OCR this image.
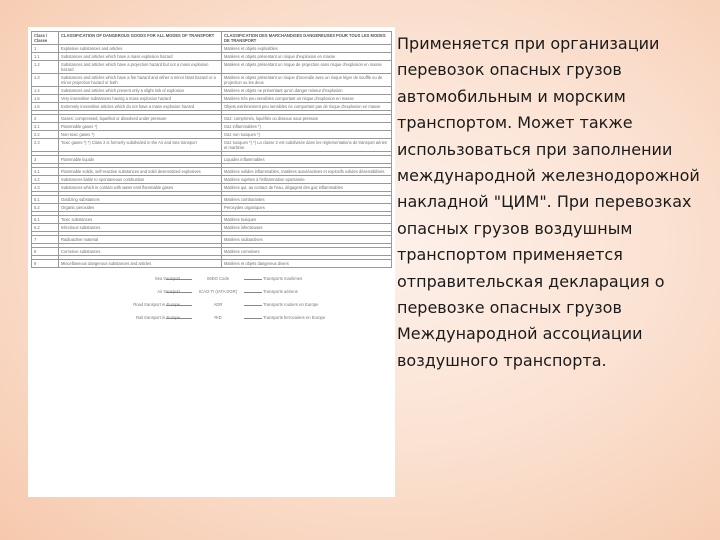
Class / Classe	CLASSIFICATION OF DANGEROUS GOODS FOR ALL MODES OF TRANSPORT	CLASSIFICATION DES MARCHANDISES DANGEREUSES POUR TOUS LES MODES DE TRANSPORT
1	Explosive substances and articles	Matières et objets explosibles
1.1	Substances and articles which have a mass explosion hazard	Matières et objets présentant un risque d'explosion en masse
1.2	Substances and articles which have a projection hazard but not a mass explosion hazard	Matières et objets présentant un risque de projection sans risque d'explosion en masse
1.3	Substances and articles which have a fire hazard and either a minor blast hazard or a minor projection hazard or both	Matières et objets présentant un risque d'incendie avec un risque léger de souffle ou de projection ou les deux
1.4	Substances and articles which present only a slight risk of explosion	Matières et objets ne présentant qu'un danger mineur d'explosion
1.5	Very insensitive substances having a mass explosion hazard	Matières très peu sensibles comportant un risque d'explosion en masse
1.6	Extremely insensitive articles which do not have a mass explosion hazard	Objets extrêmement peu sensibles ne comportant pas de risque d'explosion en masse

2	Gases: compressed, liquefied or dissolved under pressure	Gaz: comprimés, liquéfiés ou dissous sous pression
2.1	Flammable gases *)	Gaz inflammables *)
2.2	Non-toxic gases *)	Gaz non toxiques *)
2.3	Toxic gases *) *) Class 2 is formerly subdivided in the Air and Sea transport	Gaz toxiques *) *) La classe 2 est subdivisée dans les réglementations de transport aérien et maritime

3	Flammable liquids	Liquides inflammables

4.1	Flammable solids, self-reactive substances and solid desensitized explosives	Matières solides inflammables, matières autoréactives et explosifs solides désensibilisés
4.2	Substances liable to spontaneous combustion	Matières sujettes à l'inflammation spontanée
4.3	Substances which in contact with water emit flammable gases	Matières qui, au contact de l'eau, dégagent des gaz inflammables

5.1	Oxidizing substances	Matières comburantes
5.2	Organic peroxides	Peroxydes organiques

6.1	Toxic substances	Matières toxiques
6.2	Infectious substances	Matières infectieuses

7	Radioactive material	Matières radioactives

8	Corrosive substances	Matières corrosives

9	Miscellaneous dangerous substances and articles	Matières et objets dangereux divers
Sea transport	IMDG Code	Transports maritimes
Air transport	ICAO-TI (IATA DGR)	Transports aériens
Road transport in Europe	ADR	Transports routiers en Europe
Rail transport in Europe	RID	Transports ferroviaires en Europe

Применяется при организации перевозок опасных грузов автомобильным и морским транспортом. Может также использоваться при заполнении международной железнодорожной накладной "ЦИМ". При перевозках опасных грузов воздушным транспортом применяется отправительская декларация о перевозке опасных грузов Международной ассоциации воздушного транспорта.
